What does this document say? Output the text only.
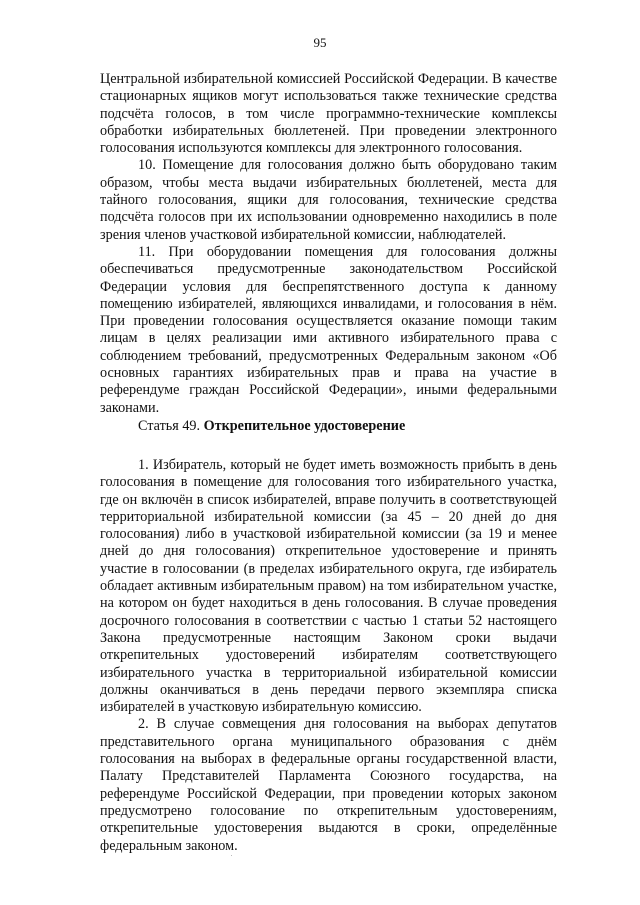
95

Центральной избирательной комиссией Российской Федерации. В качестве стационарных ящиков могут использоваться также технические средства подсчёта голосов, в том числе программно-технические комплексы обработки избирательных бюллетеней. При проведении электронного голосования используются комплексы для электронного голосования.

10. Помещение для голосования должно быть оборудовано таким образом, чтобы места выдачи избирательных бюллетеней, места для тайного голосования, ящики для голосования, технические средства подсчёта голосов при их использовании одновременно находились в поле зрения членов участковой избирательной комиссии, наблюдателей.

11. При оборудовании помещения для голосования должны обеспечиваться предусмотренные законодательством Российской Федерации условия для беспрепятственного доступа к данному помещению избирателей, являющихся инвалидами, и голосования в нём. При проведении голосования осуществляется оказание помощи таким лицам в целях реализации ими активного избирательного права с соблюдением требований, предусмотренных Федеральным законом «Об основных гарантиях избирательных прав и права на участие в референдуме граждан Российской Федерации», иными федеральными законами.

Статья 49. Открепительное удостоверение

1. Избиратель, который не будет иметь возможность прибыть в день голосования в помещение для голосования того избирательного участка, где он включён в список избирателей, вправе получить в соответствующей территориальной избирательной комиссии (за 45 – 20 дней до дня голосования) либо в участковой избирательной комиссии (за 19 и менее дней до дня голосования) открепительное удостоверение и принять участие в голосовании (в пределах избирательного округа, где избиратель обладает активным избирательным правом) на том избирательном участке, на котором он будет находиться в день голосования. В случае проведения досрочного голосования в соответствии с частью 1 статьи 52 настоящего Закона предусмотренные настоящим Законом сроки выдачи открепительных удостоверений избирателям соответствующего избирательного участка в территориальной избирательной комиссии должны оканчиваться в день передачи первого экземпляра списка избирателей в участковую избирательную комиссию.

2. В случае совмещения дня голосования на выборах депутатов представительного органа муниципального образования с днём голосования на выборах в федеральные органы государственной власти, Палату Представителей Парламента Союзного государства, на референдуме Российской Федерации, при проведении которых законом предусмотрено голосование по открепительным удостоверениям, открепительные удостоверения выдаются в сроки, определённые федеральным законом.
